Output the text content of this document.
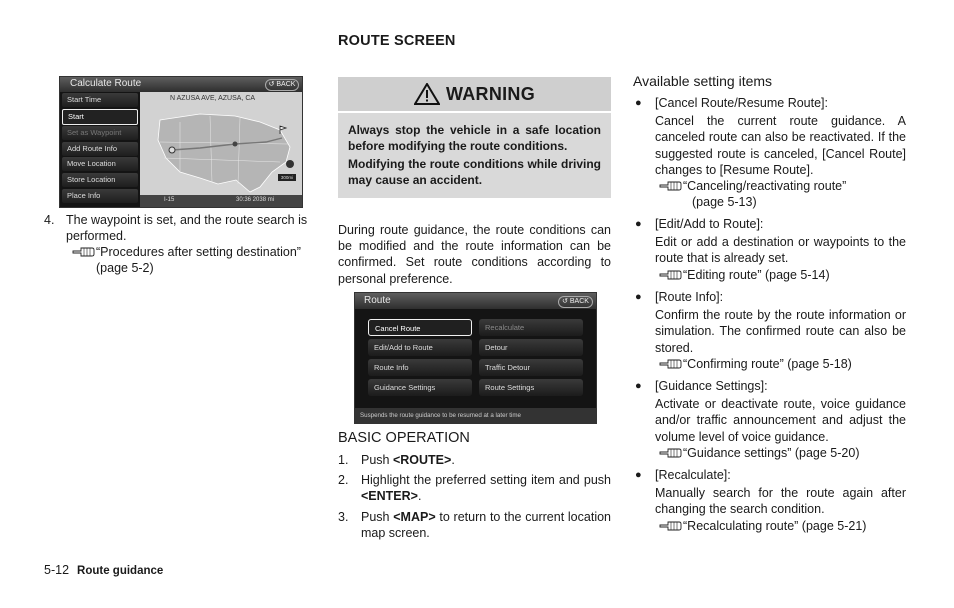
ROUTE SCREEN
Calculate Route	↺ BACK
Start Time
Start
Set as Waypoint
Add Route Info
Move Location
Store Location
Place Info
N AZUSA AVE, AZUSA, CA
300mi
I-15	30:36 2038 mi
4. The waypoint is set, and the route search is performed.
“Procedures after setting destination”
(page 5-2)
WARNING

Always stop the vehicle in a safe location before modifying the route conditions.

Modifying the route conditions while driving may cause an accident.

During route guidance, the route conditions can be modified and the route information can be confirmed. Set route conditions according to personal preference.
Route	↺ BACK
Cancel Route	Recalculate
Edit/Add to Route	Detour
Route Info	Traffic Detour
Guidance Settings	Route Settings
Suspends the route guidance to be resumed at a later time
BASIC OPERATION
1. Push <ROUTE>.
2. Highlight the preferred setting item and push <ENTER>.
3. Push <MAP> to return to the current location map screen.
Available setting items
● [Cancel Route/Resume Route]:
Cancel the current route guidance. A canceled route can also be reactivated. If the suggested route is canceled, [Cancel Route] changes to [Resume Route].
“Canceling/reactivating route”
(page 5-13)
● [Edit/Add to Route]:
Edit or add a destination or waypoints to the route that is already set.
“Editing route” (page 5-14)
● [Route Info]:
Confirm the route by the route information or simulation. The confirmed route can also be stored.
“Confirming route” (page 5-18)
● [Guidance Settings]:
Activate or deactivate route, voice guidance and/or traffic announcement and adjust the volume level of voice guidance.
“Guidance settings” (page 5-20)
● [Recalculate]:
Manually search for the route again after changing the search condition.
“Recalculating route” (page 5-21)
5-12 Route guidance
